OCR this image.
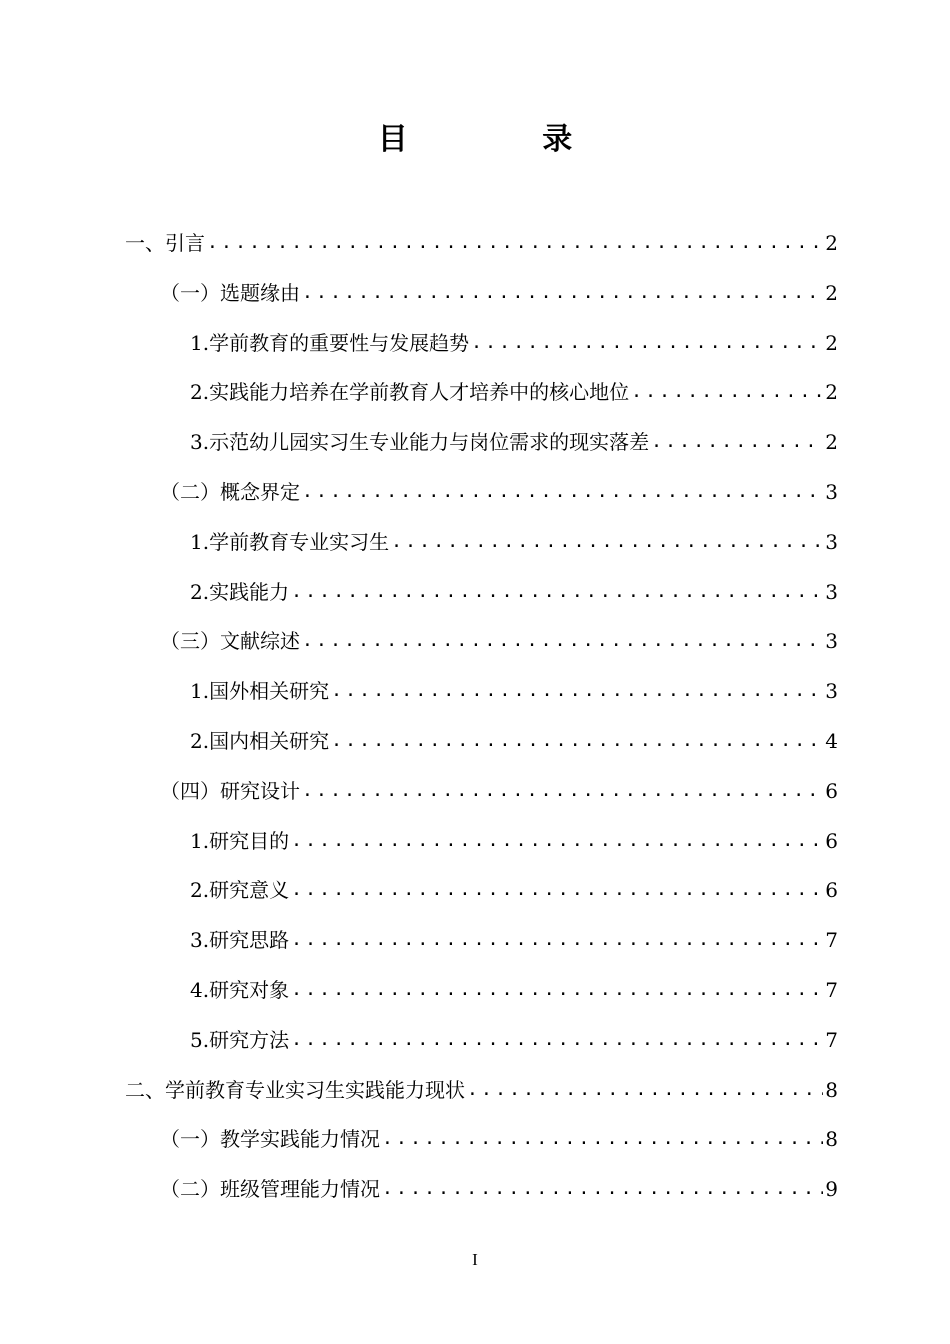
目 录
一、引言 .....	2
（一）选题缘由 .....	2
1.学前教育的重要性与发展趋势 .....	2
2.实践能力培养在学前教育人才培养中的核心地位 .....	2
3.示范幼儿园实习生专业能力与岗位需求的现实落差 .....	2
（二）概念界定 .....	3
1.学前教育专业实习生 .....	3
2.实践能力 .....	3
（三）文献综述 .....	3
1.国外相关研究 .....	3
2.国内相关研究 .....	4
（四）研究设计 .....	6
1.研究目的 .....	6
2.研究意义 .....	6
3.研究思路 .....	7
4.研究对象 .....	7
5.研究方法 .....	7
二、学前教育专业实习生实践能力现状 .....	8
（一）教学实践能力情况 .....	8
（二）班级管理能力情况 .....	9
I
